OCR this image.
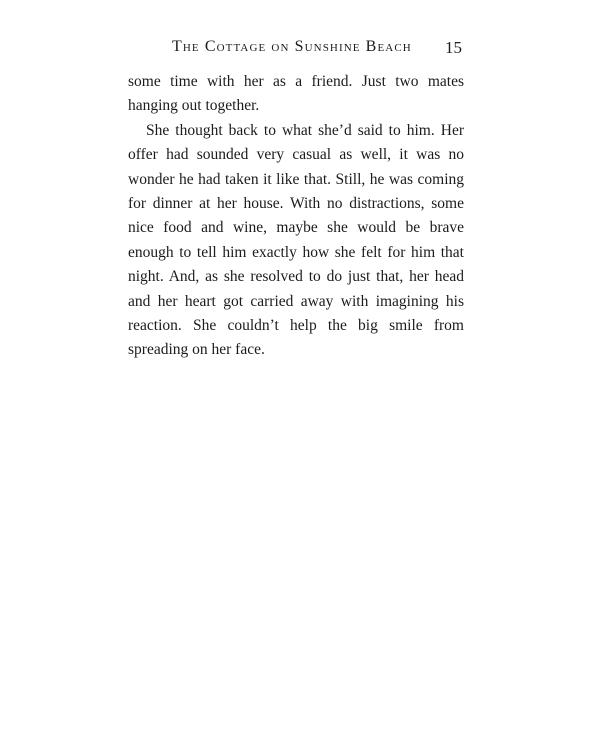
The Cottage on Sunshine Beach 15

some time with her as a friend. Just two mates hanging out together.

She thought back to what she’d said to him. Her offer had sounded very casual as well, it was no wonder he had taken it like that. Still, he was coming for dinner at her house. With no distractions, some nice food and wine, maybe she would be brave enough to tell him exactly how she felt for him that night. And, as she resolved to do just that, her head and her heart got carried away with imagining his reaction. She couldn’t help the big smile from spreading on her face.
